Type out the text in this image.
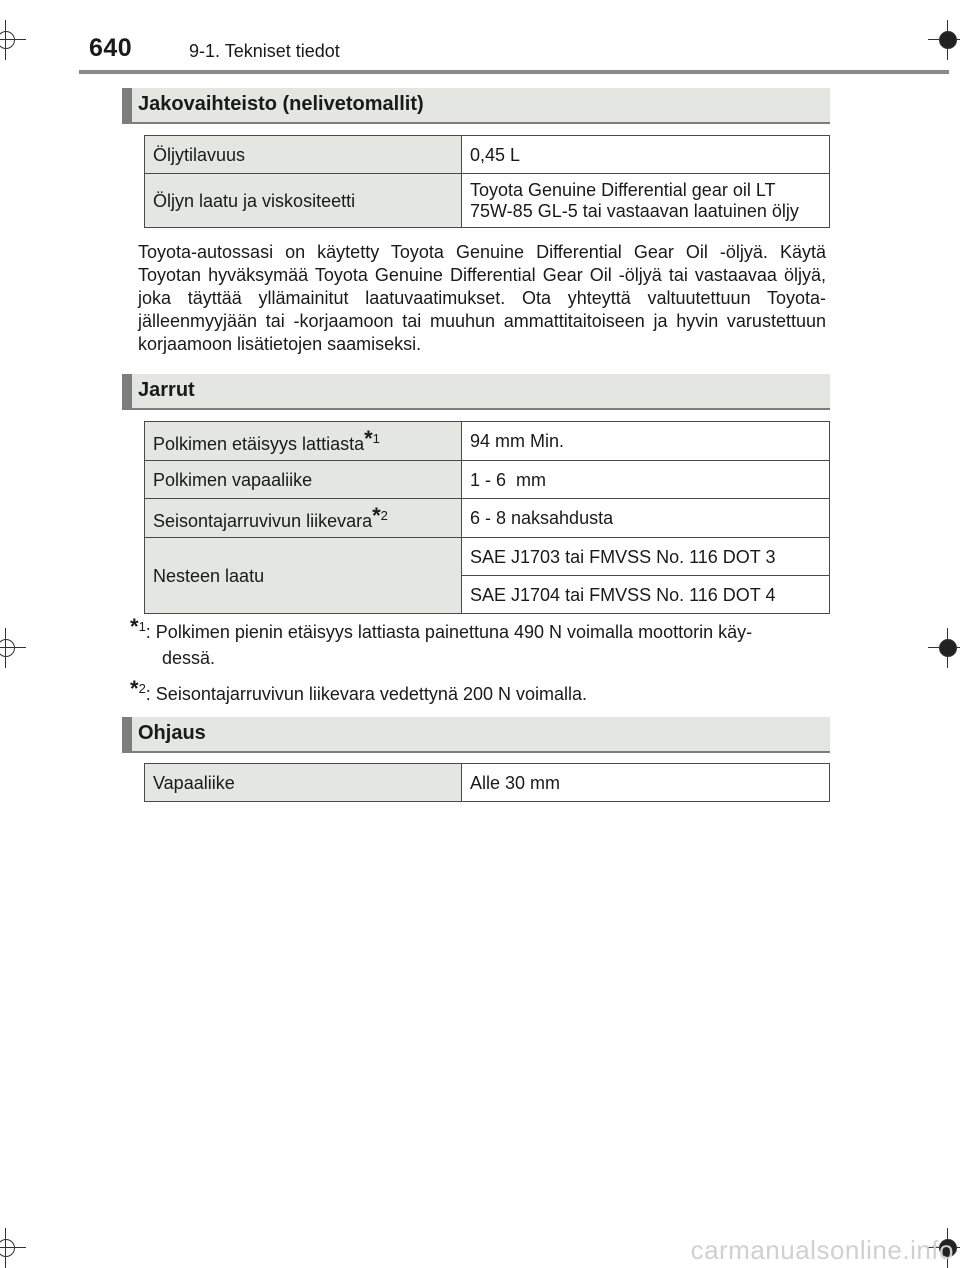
640	9-1. Tekniset tiedot
Jakovaihteisto (nelivetomallit)
Öljytilavuus	0,45 L
Öljyn laatu ja viskositeetti	Toyota Genuine Differential gear oil LT
75W-85 GL-5 tai vastaavan laatuinen öljy
Toyota-autossasi on käytetty Toyota Genuine Differential Gear Oil -öljyä. Käytä Toyotan hyväksymää Toyota Genuine Differential Gear Oil -öljyä tai vastaavaa öljyä, joka täyttää yllämainitut laatuvaatimukset. Ota yhteyttä valtuutettuun Toyota-jälleenmyyjään tai -korjaamoon tai muuhun ammattitaitoiseen ja hyvin varustettuun korjaamoon lisätietojen saamiseksi.
Jarrut
Polkimen etäisyys lattiasta*$^1$	94 mm Min.
Polkimen vapaaliike	1 - 6  mm
Seisontajarruvivun liikevara*$^2$	6 - 8 naksahdusta
Nesteen laatu	SAE J1703 tai FMVSS No. 116 DOT 3
	SAE J1704 tai FMVSS No. 116 DOT 4
*$^1$: Polkimen pienin etäisyys lattiasta painettuna 490 N voimalla moottorin käy-
dessä.
*$^2$: Seisontajarruvivun liikevara vedettynä 200 N voimalla.
Ohjaus
Vapaaliike	Alle 30 mm
carmanualsonline.info
